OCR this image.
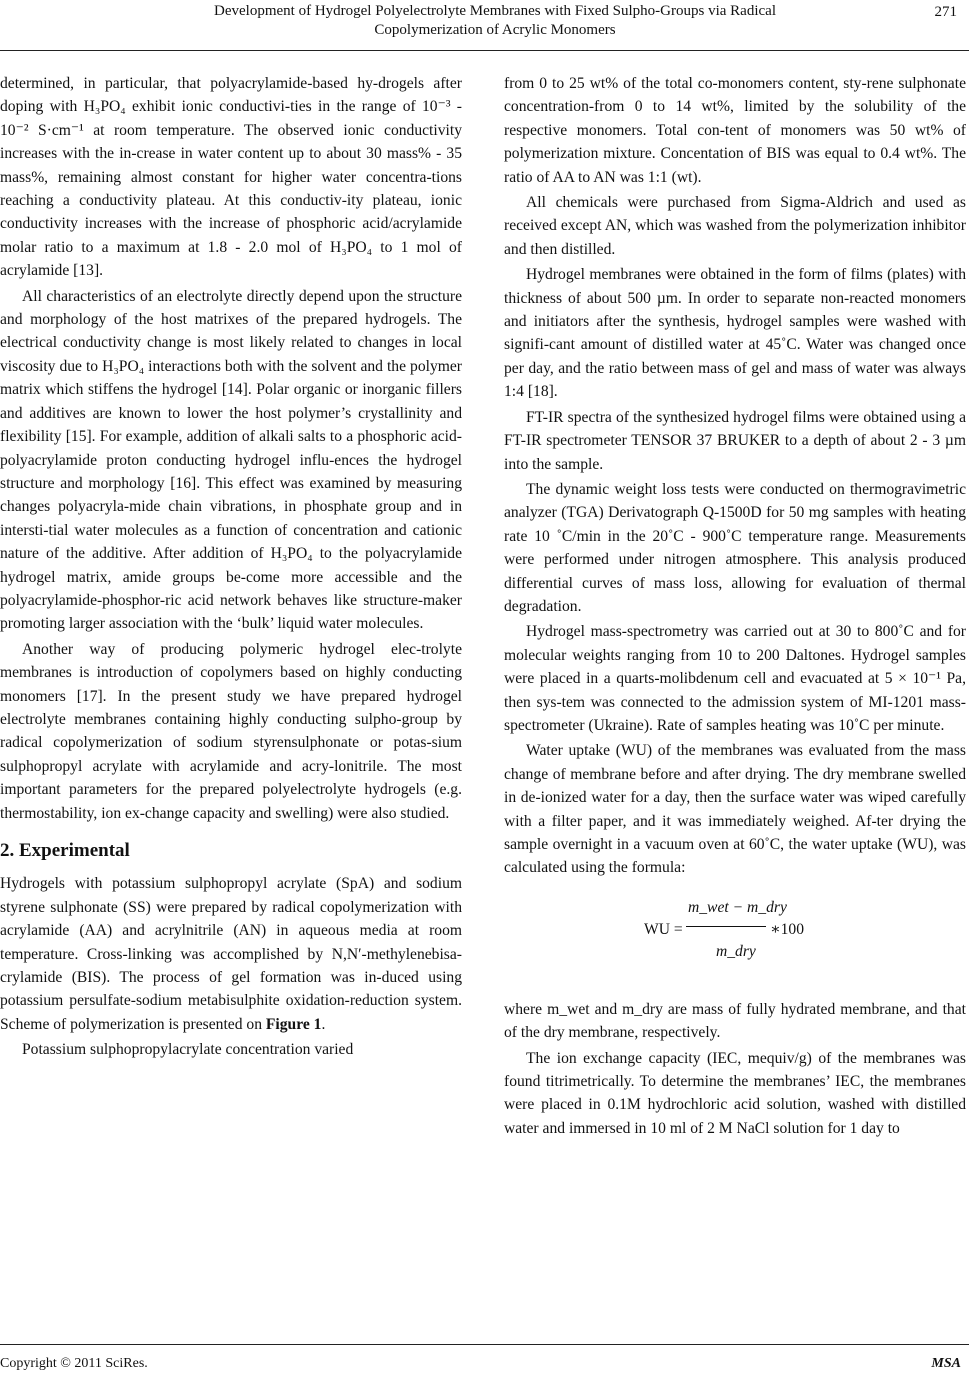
Development of Hydrogel Polyelectrolyte Membranes with Fixed Sulpho-Groups via Radical
Copolymerization of Acrylic Monomers
271

determined, in particular, that polyacrylamide-based hy-drogels after doping with H₃PO₄ exhibit ionic conductivi-ties in the range of 10⁻³ - 10⁻² S·cm⁻¹ at room temperature. The observed ionic conductivity increases with the in-crease in water content up to about 30 mass% - 35 mass%, remaining almost constant for higher water concentra-tions reaching a conductivity plateau. At this conductiv-ity plateau, ionic conductivity increases with the increase of phosphoric acid/acrylamide molar ratio to a maximum at 1.8 - 2.0 mol of H₃PO₄ to 1 mol of acrylamide [13].

All characteristics of an electrolyte directly depend upon the structure and morphology of the host matrixes of the prepared hydrogels. The electrical conductivity change is most likely related to changes in local viscosity due to H₃PO₄ interactions both with the solvent and the polymer matrix which stiffens the hydrogel [14]. Polar organic or inorganic fillers and additives are known to lower the host polymer’s crystallinity and flexibility [15]. For example, addition of alkali salts to a phosphoric acid-polyacrylamide proton conducting hydrogel influ-ences the hydrogel structure and morphology [16]. This effect was examined by measuring changes polyacryla-mide chain vibrations, in phosphate group and in intersti-tial water molecules as a function of concentration and cationic nature of the additive. After addition of H₃PO₄ to the polyacrylamide hydrogel matrix, amide groups be-come more accessible and the polyacrylamide-phosphor-ric acid network behaves like structure-maker promoting larger association with the ‘bulk’ liquid water molecules.

Another way of producing polymeric hydrogel elec-trolyte membranes is introduction of copolymers based on highly conducting monomers [17]. In the present study we have prepared hydrogel electrolyte membranes containing highly conducting sulpho-group by radical copolymerization of sodium styrensulphonate or potas-sium sulphopropyl acrylate with acrylamide and acry-lonitrile. The most important parameters for the prepared polyelectrolyte hydrogels (e.g. thermostability, ion ex-change capacity and swelling) were also studied.

2. Experimental

Hydrogels with potassium sulphopropyl acrylate (SpA) and sodium styrene sulphonate (SS) were prepared by radical copolymerization with acrylamide (AA) and acrylnitrile (AN) in aqueous media at room temperature. Cross-linking was accomplished by N,N′-methylenebisa-crylamide (BIS). The process of gel formation was in-duced using potassium persulfate-sodium metabisulphite oxidation-reduction system. Scheme of polymerization is presented on Figure 1.

Potassium sulphopropylacrylate concentration varied

from 0 to 25 wt% of the total co-monomers content, sty-rene sulphonate concentration-from 0 to 14 wt%, limited by the solubility of the respective monomers. Total con-tent of monomers was 50 wt% of polymerization mixture. Concentation of BIS was equal to 0.4 wt%. The ratio of AA to AN was 1:1 (wt).

All chemicals were purchased from Sigma-Aldrich and used as received except AN, which was washed from the polymerization inhibitor and then distilled.

Hydrogel membranes were obtained in the form of films (plates) with thickness of about 500 µm. In order to separate non-reacted monomers and initiators after the synthesis, hydrogel samples were washed with signifi-cant amount of distilled water at 45˚C. Water was changed once per day, and the ratio between mass of gel and mass of water was always 1:4 [18].

FT-IR spectra of the synthesized hydrogel films were obtained using a FT-IR spectrometer TENSOR 37 BRUKER to a depth of about 2 - 3 µm into the sample.

The dynamic weight loss tests were conducted on thermogravimetric analyzer (TGA) Derivatograph Q-1500D for 50 mg samples with heating rate 10 ˚C/min in the 20˚C - 900˚C temperature range. Measurements were performed under nitrogen atmosphere. This analysis produced differential curves of mass loss, allowing for evaluation of thermal degradation.

Hydrogel mass-spectrometry was carried out at 30 to 800˚C and for molecular weights ranging from 10 to 200 Daltones. Hydrogel samples were placed in a quarts-molibdenum cell and evacuated at 5 × 10⁻¹ Pa, then sys-tem was connected to the admission system of MI-1201 mass-spectrometer (Ukraine). Rate of samples heating was 10˚C per minute.

Water uptake (WU) of the membranes was evaluated from the mass change of membrane before and after drying. The dry membrane swelled in de-ionized water for a day, then the surface water was wiped carefully with a filter paper, and it was immediately weighed. Af-ter drying the sample overnight in a vacuum oven at 60˚C, the water uptake (WU), was calculated using the formula:

WU =
m_wet − m_dry
m_dry
∗100

where m_wet and m_dry are mass of fully hydrated membrane, and that of the dry membrane, respectively.

The ion exchange capacity (IEC, mequiv/g) of the membranes was found titrimetrically. To determine the membranes’ IEC, the membranes were placed in 0.1M hydrochloric acid solution, washed with distilled water and immersed in 10 ml of 2 M NaCl solution for 1 day to

Copyright © 2011 SciRes.	MSA
